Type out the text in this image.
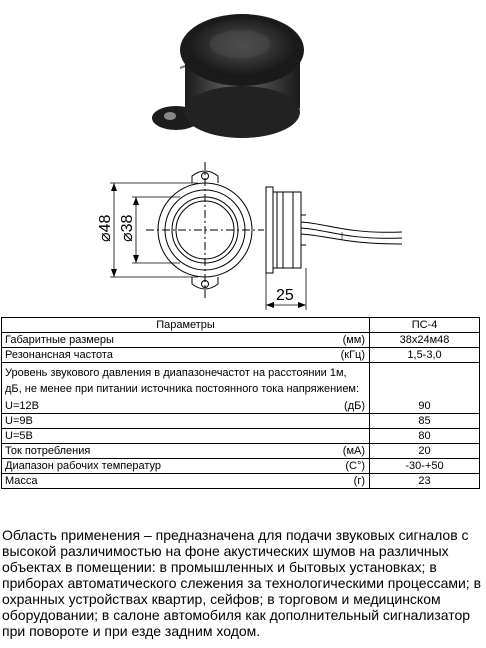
⌀48 ⌀38
25
Параметры		ПС-4
Габаритные размеры	(мм)	38x24м48
Резонансная частота	(кГц)	1,5-3,0
Уровень звукового давления в диапазонечастот на расстоянии 1м, дБ, не менее при питании источника постоянного тока напряжением:		
U=12В	(дБ)	90
U=9В		85
U=5В		80
Ток потребления	(мА)	20
Диапазон рабочих температур	(С°)	-30-+50
Масса	(г)	23

Область применения – предназначена для подачи звуковых сигналов с высокой различимостью на фоне акустических шумов на различных объектах в помещении: в промышленных и бытовых установках; в приборах автоматического слежения за технологическими процессами; в охранных устройствах квартир, сейфов; в торговом и медицинском оборудовании; в салоне автомобиля как дополнительный сигнализатор при повороте и при езде задним ходом.
